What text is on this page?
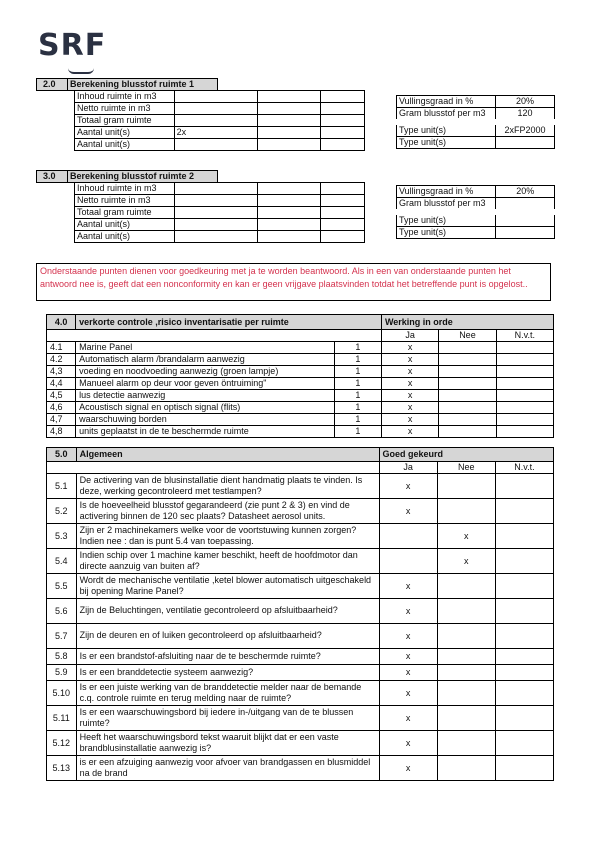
SRF
2.0 Berekening blusstof ruimte 1
Inhoud ruimte in m3			
Netto ruimte in m3			
Totaal gram ruimte			
Aantal unit(s)	2x		
Aantal unit(s)			
Vullingsgraad in %	20%
Gram blusstof per m3	120
Type unit(s)	2xFP2000
Type unit(s)	
3.0 Berekening blusstof ruimte 2
Inhoud ruimte in m3			
Netto ruimte in m3			
Totaal gram ruimte			
Aantal unit(s)			
Aantal unit(s)			
Vullingsgraad in %	20%
Gram blusstof per m3	
Type unit(s)	
Type unit(s)	
Onderstaande punten dienen voor goedkeuring met ja te worden beantwoord. Als in een van onderstaande punten het antwoord nee is, geeft dat een nonconformity en kan er geen vrijgave plaatsvinden totdat het betreffende punt is opgelost..
4.0	verkorte controle ,risico inventarisatie per ruimte		Werking in orde		
			Ja	Nee	N.v.t.
4.1	Marine Panel	1	x		
4.2	Automatisch alarm /brandalarm aanwezig	1	x		
4,3	voeding en noodvoeding aanwezig (groen lampje)	1	x		
4,4	Manueel alarm op deur voor geven öntruiming"	1	x		
4,5	lus detectie aanwezig	1	x		
4,6	Acoustisch signal en optisch signal (flits)	1	x		
4,7	waarschuwing borden	1	x		
4,8	units geplaatst in de te beschermde ruimte	1	x		
5.0	Algemeen	Goed gekeurd		
		Ja	Nee	N.v.t.
5.1	De activering van de blusinstallatie dient handmatig plaats te vinden. Is deze, werking gecontroleerd met testlampen?	x		
5.2	Is de hoeveelheid blusstof gegarandeerd (zie punt 2 & 3) en vind de activering binnen de 120 sec plaats? Datasheet aerosol units.	x		
5.3	Zijn er 2 machinekamers welke voor de voortstuwing kunnen zorgen? Indien nee : dan is punt 5.4 van toepassing.		x	
5.4	Indien schip over 1 machine kamer beschikt, heeft de hoofdmotor dan directe aanzuig van buiten af?		x	
5.5	Wordt de mechanische ventilatie ,ketel blower automatisch uitgeschakeld bij opening Marine Panel?	x		
5.6	Zijn de Beluchtingen, ventilatie gecontroleerd op afsluitbaarheid?	x		
5.7	Zijn de deuren en of luiken gecontroleerd op afsluitbaarheid?	x		
5.8	Is er een brandstof-afsluiting naar de te beschermde ruimte?	x		
5.9	Is er een branddetectie systeem aanwezig?	x		
5.10	Is er een juiste werking van de branddetectie melder naar de bemande c.q. controle ruimte en terug melding naar de ruimte?	x		
5.11	Is er een waarschuwingsbord bij iedere in-/uitgang van de te blussen ruimte?	x		
5.12	Heeft het waarschuwingsbord tekst waaruit blijkt dat er een vaste brandblusinstallatie aanwezig is?	x		
5.13	is er een afzuiging aanwezig voor afvoer van brandgassen en blusmiddel na de brand	x		
